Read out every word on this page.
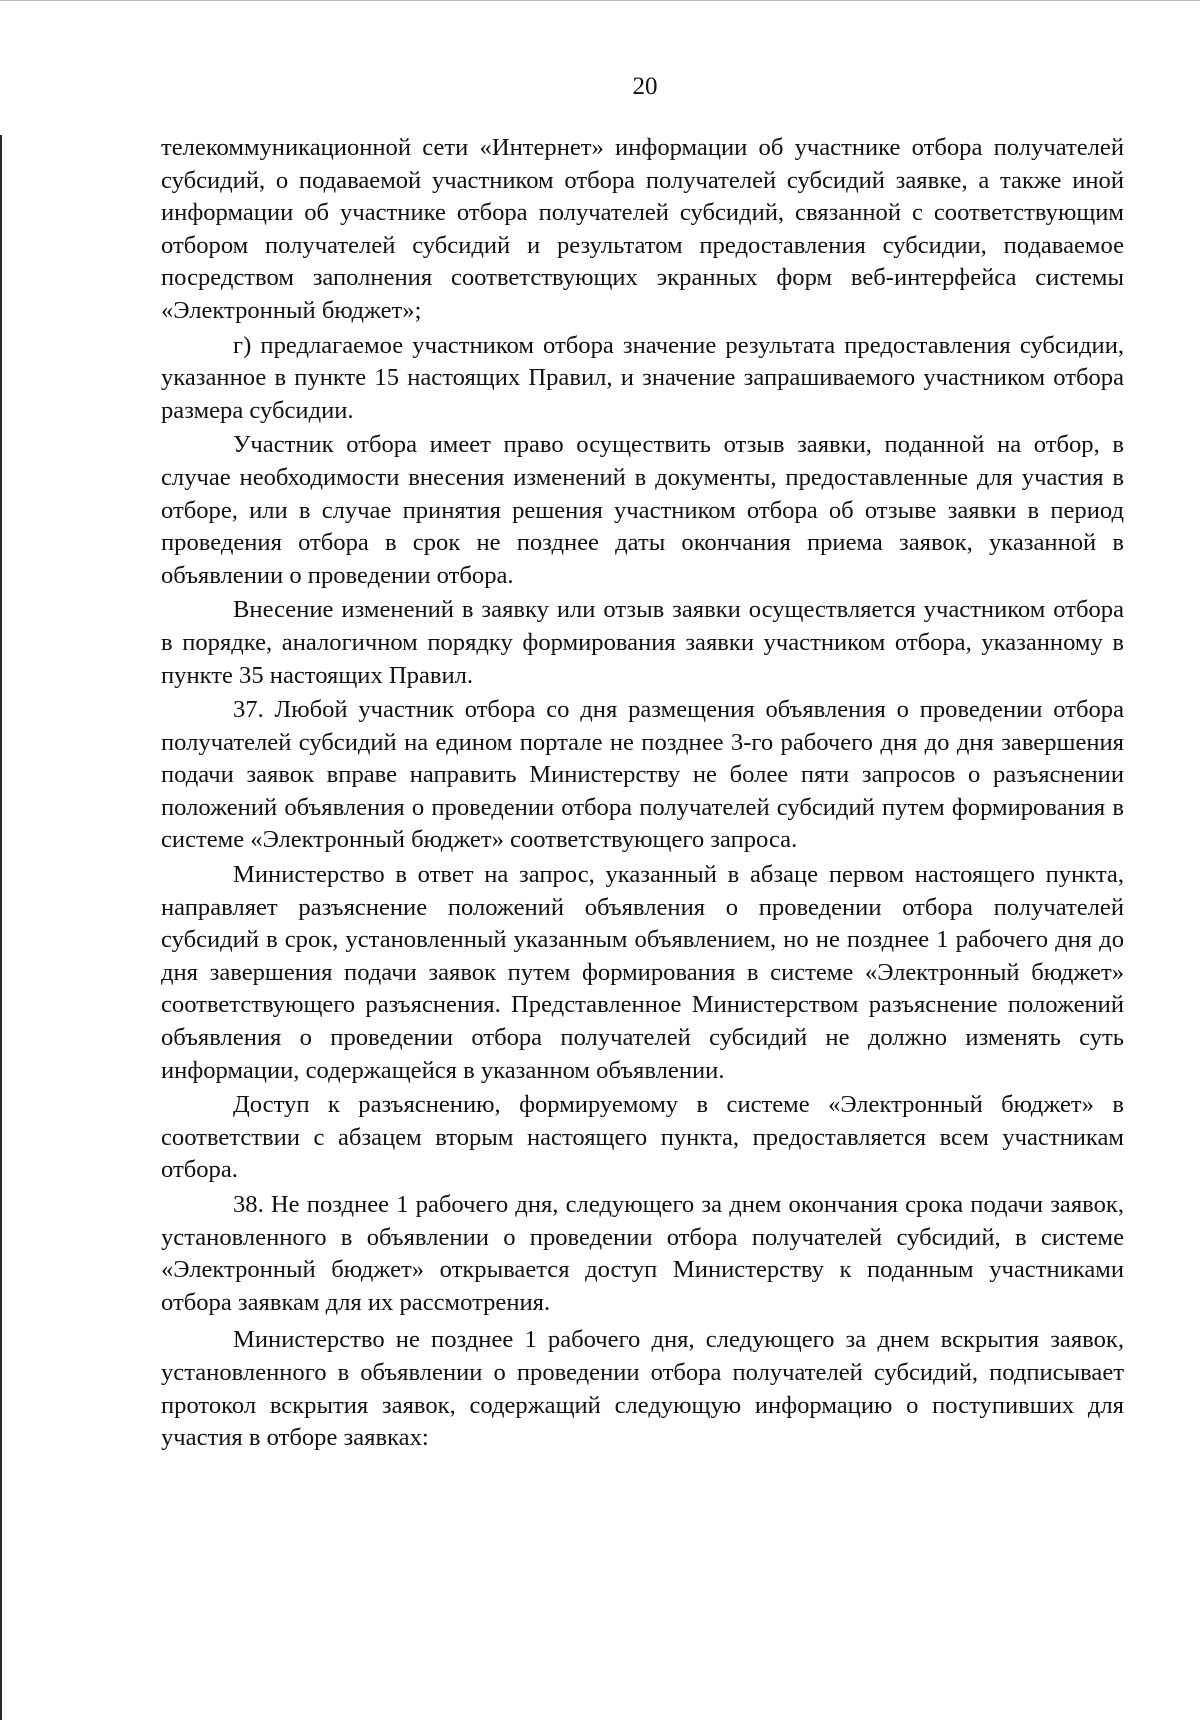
20

телекоммуникационной сети «Интернет» информации об участнике отбора получателей субсидий, о подаваемой участником отбора получателей субсидий заявке, а также иной информации об участнике отбора получателей субсидий, связанной с соответствующим отбором получателей субсидий и результатом предоставления субсидии, подаваемое посредством заполнения соответствующих экранных форм веб-интерфейса системы «Электронный бюджет»;

г) предлагаемое участником отбора значение результата предоставления субсидии, указанное в пункте 15 настоящих Правил, и значение запрашиваемого участником отбора размера субсидии.

Участник отбора имеет право осуществить отзыв заявки, поданной на отбор, в случае необходимости внесения изменений в документы, предоставленные для участия в отборе, или в случае принятия решения участником отбора об отзыве заявки в период проведения отбора в срок не позднее даты окончания приема заявок, указанной в объявлении о проведении отбора.

Внесение изменений в заявку или отзыв заявки осуществляется участником отбора в порядке, аналогичном порядку формирования заявки участником отбора, указанному в пункте 35 настоящих Правил.

37. Любой участник отбора со дня размещения объявления о проведении отбора получателей субсидий на едином портале не позднее 3-го рабочего дня до дня завершения подачи заявок вправе направить Министерству не более пяти запросов о разъяснении положений объявления о проведении отбора получателей субсидий путем формирования в системе «Электронный бюджет» соответствующего запроса.

Министерство в ответ на запрос, указанный в абзаце первом настоящего пункта, направляет разъяснение положений объявления о проведении отбора получателей субсидий в срок, установленный указанным объявлением, но не позднее 1 рабочего дня до дня завершения подачи заявок путем формирования в системе «Электронный бюджет» соответствующего разъяснения. Представленное Министерством разъяснение положений объявления о проведении отбора получателей субсидий не должно изменять суть информации, содержащейся в указанном объявлении.

Доступ к разъяснению, формируемому в системе «Электронный бюджет» в соответствии с абзацем вторым настоящего пункта, предоставляется всем участникам отбора.

38. Не позднее 1 рабочего дня, следующего за днем окончания срока подачи заявок, установленного в объявлении о проведении отбора получателей субсидий, в системе «Электронный бюджет» открывается доступ Министерству к поданным участниками отбора заявкам для их рассмотрения.

Министерство не позднее 1 рабочего дня, следующего за днем вскрытия заявок, установленного в объявлении о проведении отбора получателей субсидий, подписывает протокол вскрытия заявок, содержащий следующую информацию о поступивших для участия в отборе заявках:
